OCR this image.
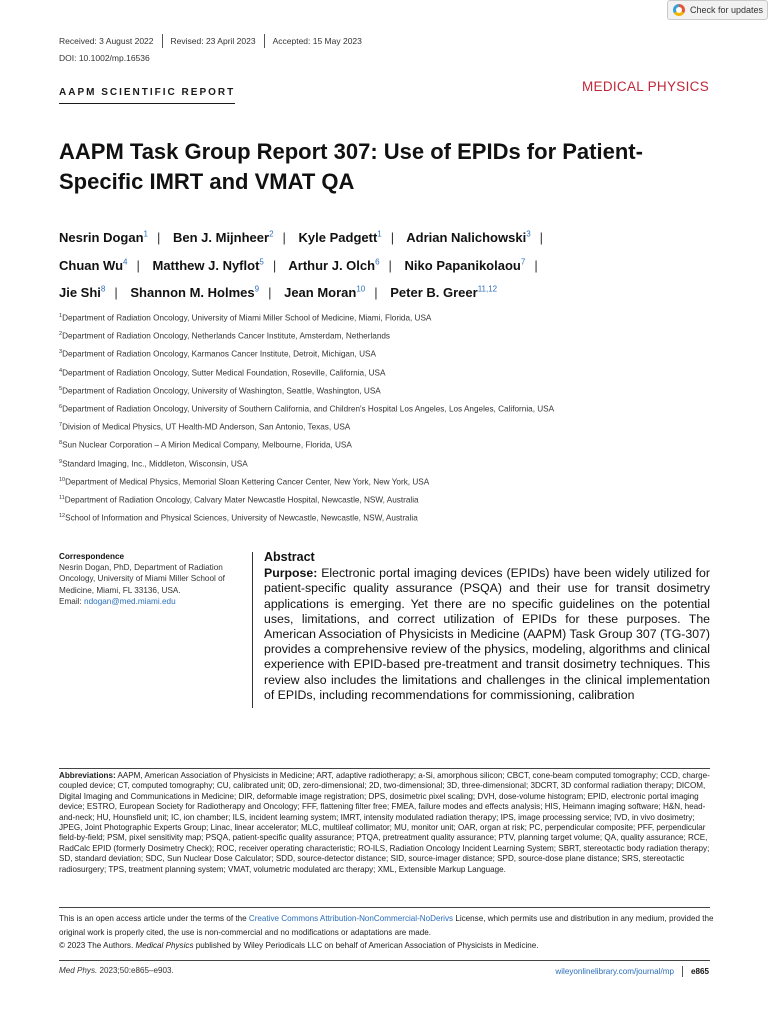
Check for updates
Received: 3 August 2022	Revised: 23 April 2023	Accepted: 15 May 2023
DOI: 10.1002/mp.16536
AAPM SCIENTIFIC REPORT	MEDICAL PHYSICS
AAPM Task Group Report 307: Use of EPIDs for Patient-Specific IMRT and VMAT QA
Nesrin Dogan$^1$ | Ben J. Mijnheer$^2$ | Kyle Padgett$^1$ | Adrian Nalichowski$^3$ |
Chuan Wu$^4$ | Matthew J. Nyflot$^5$ | Arthur J. Olch$^6$ | Niko Papanikolaou$^7$ |
Jie Shi$^8$ | Shannon M. Holmes$^9$ | Jean Moran$^{10}$ | Peter B. Greer$^{11,12}$
$^1$Department of Radiation Oncology, University of Miami Miller School of Medicine, Miami, Florida, USA
$^2$Department of Radiation Oncology, Netherlands Cancer Institute, Amsterdam, Netherlands
$^3$Department of Radiation Oncology, Karmanos Cancer Institute, Detroit, Michigan, USA
$^4$Department of Radiation Oncology, Sutter Medical Foundation, Roseville, California, USA
$^5$Department of Radiation Oncology, University of Washington, Seattle, Washington, USA
$^6$Department of Radiation Oncology, University of Southern California, and Children's Hospital Los Angeles, Los Angeles, California, USA
$^7$Division of Medical Physics, UT Health-MD Anderson, San Antonio, Texas, USA
$^8$Sun Nuclear Corporation – A Mirion Medical Company, Melbourne, Florida, USA
$^9$Standard Imaging, Inc., Middleton, Wisconsin, USA
$^{10}$Department of Medical Physics, Memorial Sloan Kettering Cancer Center, New York, New York, USA
$^{11}$Department of Radiation Oncology, Calvary Mater Newcastle Hospital, Newcastle, NSW, Australia
$^{12}$School of Information and Physical Sciences, University of Newcastle, Newcastle, NSW, Australia
Correspondence
Nesrin Dogan, PhD, Department of Radiation Oncology, University of Miami Miller School of Medicine, Miami, FL 33136, USA.
Email: ndogan@med.miami.edu
Abstract
Purpose: Electronic portal imaging devices (EPIDs) have been widely utilized for patient-specific quality assurance (PSQA) and their use for transit dosimetry applications is emerging. Yet there are no specific guidelines on the potential uses, limitations, and correct utilization of EPIDs for these purposes. The American Association of Physicists in Medicine (AAPM) Task Group 307 (TG-307) provides a comprehensive review of the physics, modeling, algorithms and clinical experience with EPID-based pre-treatment and transit dosimetry techniques. This review also includes the limitations and challenges in the clinical implementation of EPIDs, including recommendations for commissioning, calibration
Abbreviations: AAPM, American Association of Physicists in Medicine; ART, adaptive radiotherapy; a-Si, amorphous silicon; CBCT, cone-beam computed tomography; CCD, charge-coupled device; CT, computed tomography; CU, calibrated unit; 0D, zero-dimensional; 2D, two-dimensional; 3D, three-dimensional; 3DCRT, 3D conformal radiation therapy; DICOM, Digital Imaging and Communications in Medicine; DIR, deformable image registration; DPS, dosimetric pixel scaling; DVH, dose-volume histogram; EPID, electronic portal imaging device; ESTRO, European Society for Radiotherapy and Oncology; FFF, flattening filter free; FMEA, failure modes and effects analysis; HIS, Heimann imaging software; H&N, head-and-neck; HU, Hounsfield unit; IC, ion chamber; ILS, incident learning system; IMRT, intensity modulated radiation therapy; IPS, image processing service; IVD, in vivo dosimetry; JPEG, Joint Photographic Experts Group; Linac, linear accelerator; MLC, multileaf collimator; MU, monitor unit; OAR, organ at risk; PC, perpendicular composite; PFF, perpendicular field-by-field; PSM, pixel sensitivity map; PSQA, patient-specific quality assurance; PTQA, pretreatment quality assurance; PTV, planning target volume; QA, quality assurance; RCE, RadCalc EPID (formerly Dosimetry Check); ROC, receiver operating characteristic; RO-ILS, Radiation Oncology Incident Learning System; SBRT, stereotactic body radiation therapy; SD, standard deviation; SDC, Sun Nuclear Dose Calculator; SDD, source-detector distance; SID, source-imager distance; SPD, source-dose plane distance; SRS, stereotactic radiosurgery; TPS, treatment planning system; VMAT, volumetric modulated arc therapy; XML, Extensible Markup Language.
This is an open access article under the terms of the Creative Commons Attribution-NonCommercial-NoDerivs License, which permits use and distribution in any medium, provided the original work is properly cited, the use is non-commercial and no modifications or adaptations are made.
© 2023 The Authors. Medical Physics published by Wiley Periodicals LLC on behalf of American Association of Physicists in Medicine.
Med Phys. 2023;50:e865–e903.	wileyonlinelibrary.com/journal/mp	e865
